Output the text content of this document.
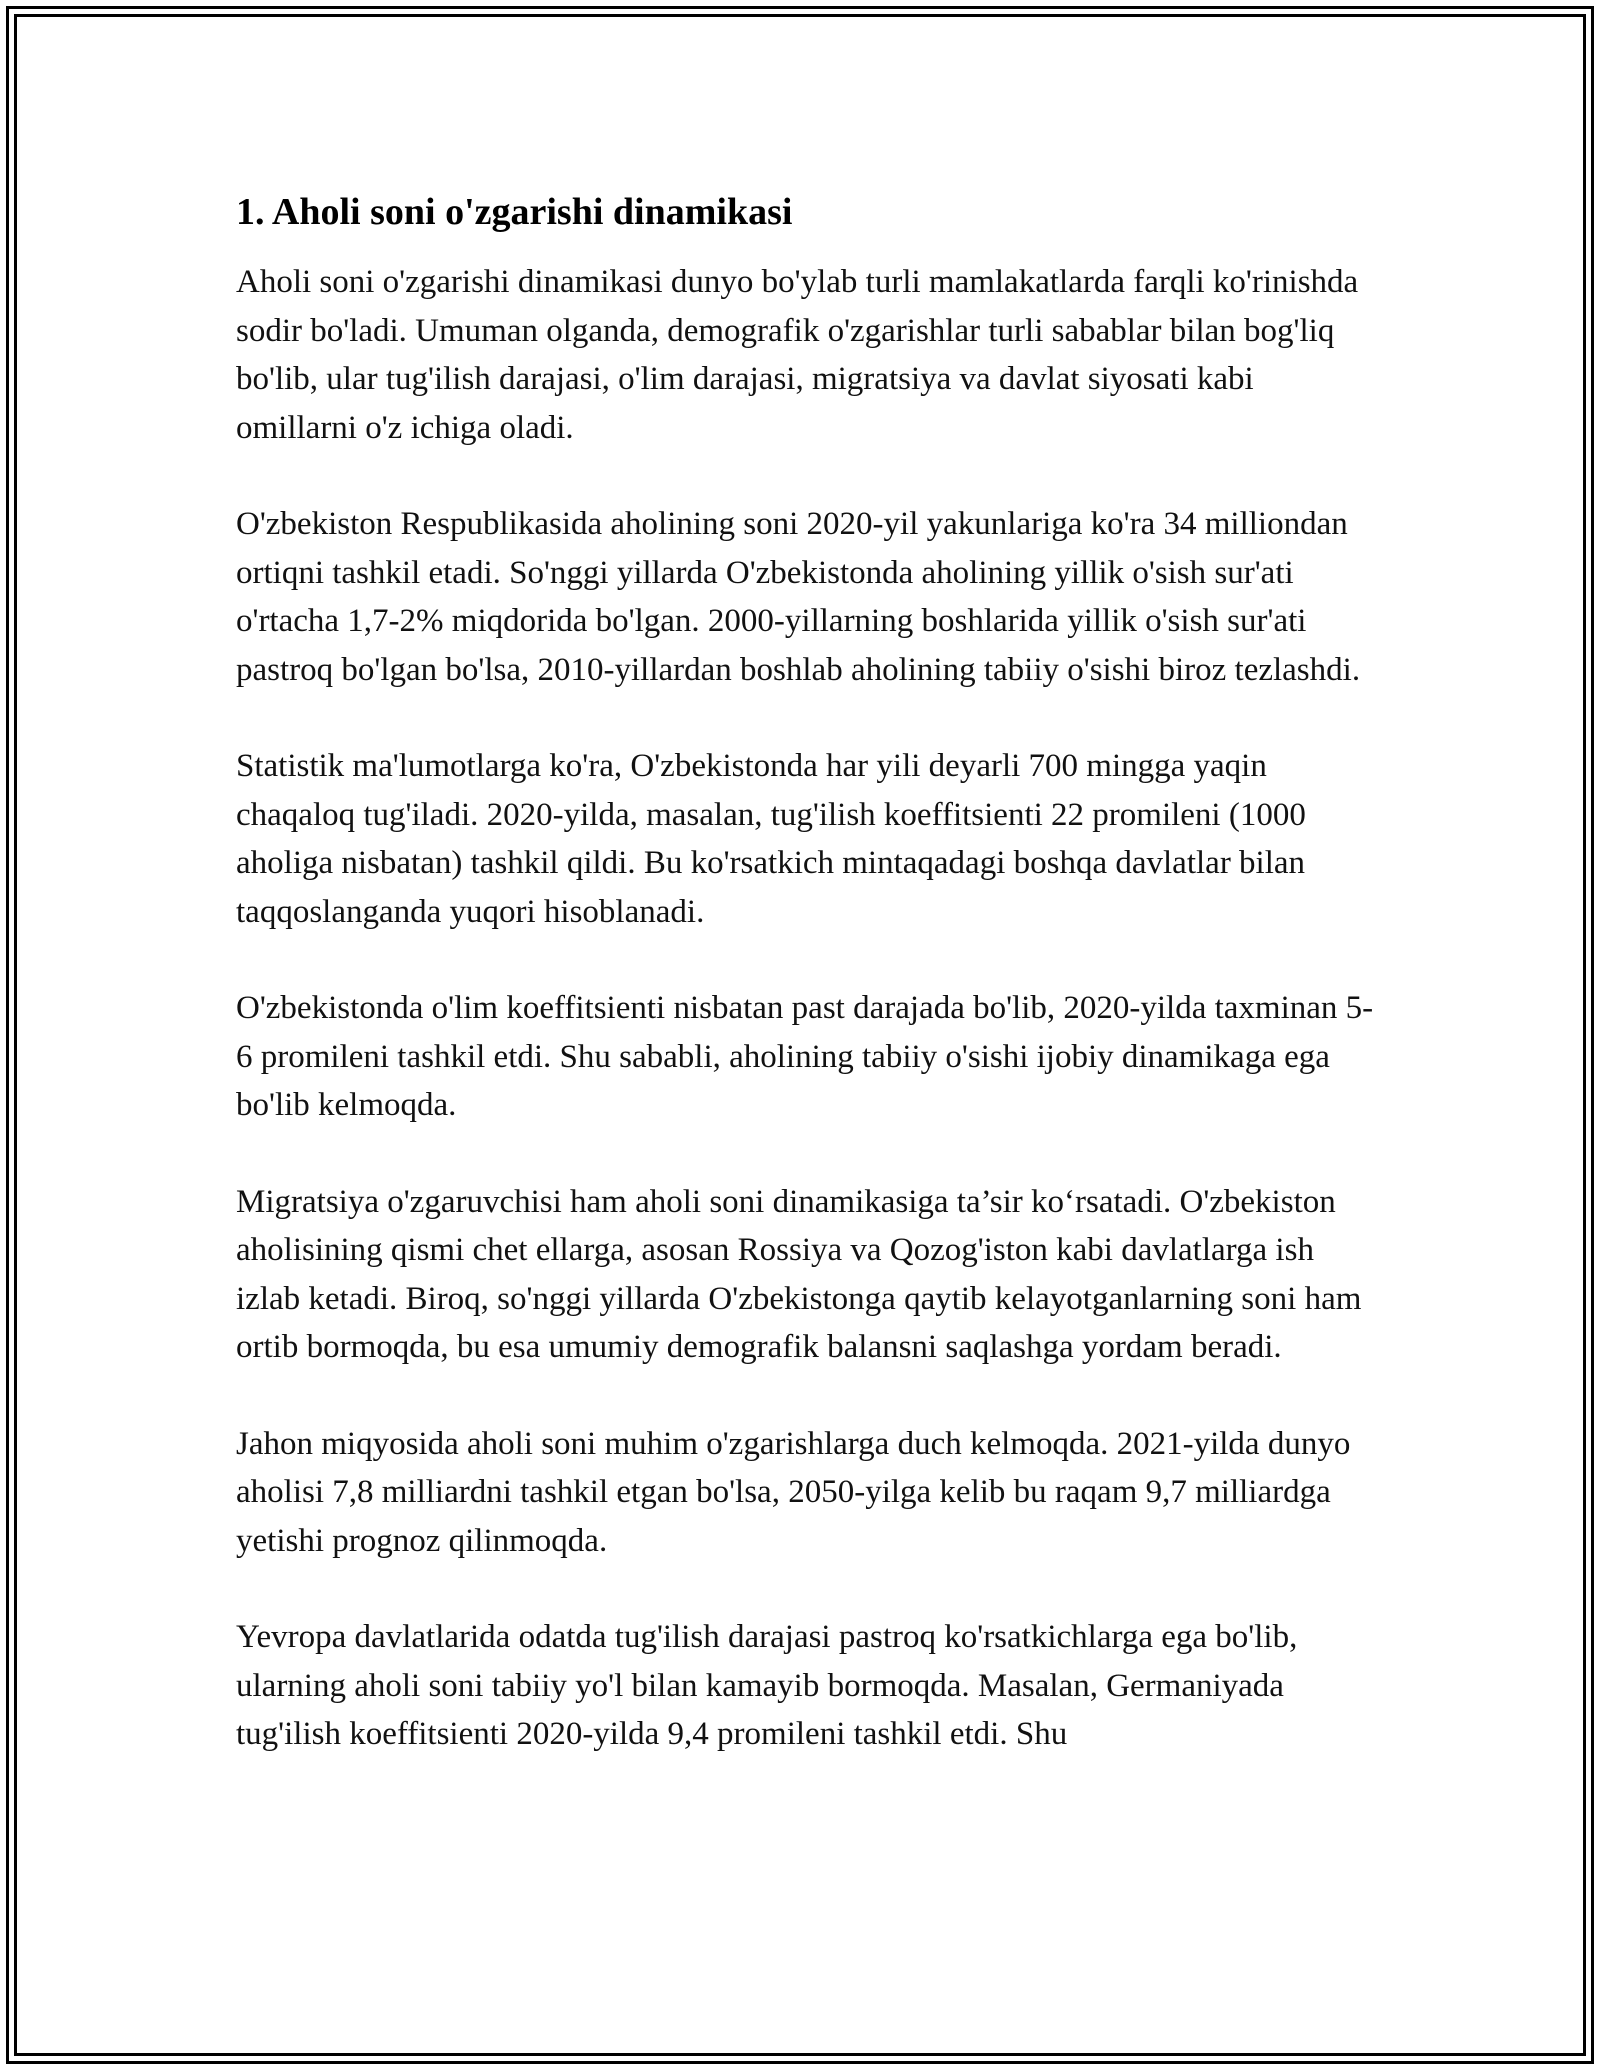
1. Aholi soni o'zgarishi dinamikasi

Aholi soni o'zgarishi dinamikasi dunyo bo'ylab turli mamlakatlarda farqli ko'rinishda sodir bo'ladi. Umuman olganda, demografik o'zgarishlar turli sabablar bilan bog'liq bo'lib, ular tug'ilish darajasi, o'lim darajasi, migratsiya va davlat siyosati kabi omillarni o'z ichiga oladi.

O'zbekiston Respublikasida aholining soni 2020-yil yakunlariga ko'ra 34 milliondan ortiqni tashkil etadi. So'nggi yillarda O'zbekistonda aholining yillik o'sish sur'ati o'rtacha 1,7-2% miqdorida bo'lgan. 2000-yillarning boshlarida yillik o'sish sur'ati pastroq bo'lgan bo'lsa, 2010-yillardan boshlab aholining tabiiy o'sishi biroz tezlashdi.

Statistik ma'lumotlarga ko'ra, O'zbekistonda har yili deyarli 700 mingga yaqin chaqaloq tug'iladi. 2020-yilda, masalan, tug'ilish koeffitsienti 22 promileni (1000 aholiga nisbatan) tashkil qildi. Bu ko'rsatkich mintaqadagi boshqa davlatlar bilan taqqoslanganda yuqori hisoblanadi.

O'zbekistonda o'lim koeffitsienti nisbatan past darajada bo'lib, 2020-yilda taxminan 5-6 promileni tashkil etdi. Shu sababli, aholining tabiiy o'sishi ijobiy dinamikaga ega bo'lib kelmoqda.

Migratsiya o'zgaruvchisi ham aholi soni dinamikasiga ta’sir ko‘rsatadi. O'zbekiston aholisining qismi chet ellarga, asosan Rossiya va Qozog'iston kabi davlatlarga ish izlab ketadi. Biroq, so'nggi yillarda O'zbekistonga qaytib kelayotganlarning soni ham ortib bormoqda, bu esa umumiy demografik balansni saqlashga yordam beradi.

Jahon miqyosida aholi soni muhim o'zgarishlarga duch kelmoqda. 2021-yilda dunyo aholisi 7,8 milliardni tashkil etgan bo'lsa, 2050-yilga kelib bu raqam 9,7 milliardga yetishi prognoz qilinmoqda.

Yevropa davlatlarida odatda tug'ilish darajasi pastroq ko'rsatkichlarga ega bo'lib, ularning aholi soni tabiiy yo'l bilan kamayib bormoqda. Masalan, Germaniyada tug'ilish koeffitsienti 2020-yilda 9,4 promileni tashkil etdi. Shu
